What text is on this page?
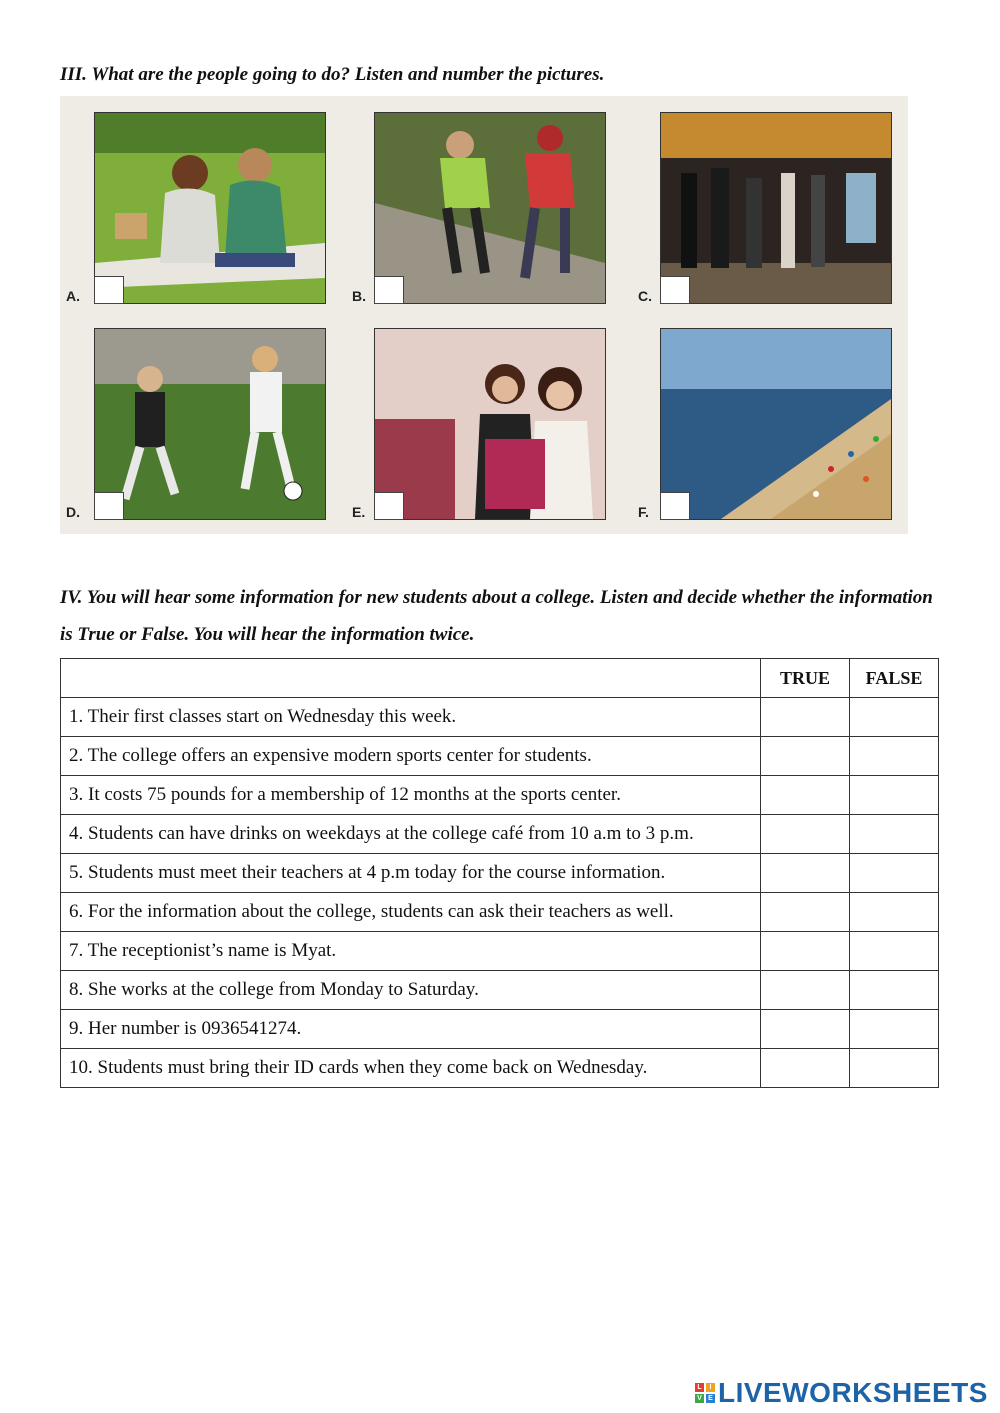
III. What are the people going to do? Listen and number the pictures.

A.	B.	C.
D.	E.	F.

IV. You will hear some information for new students about a college. Listen and decide whether the information is True or False. You will hear the information twice.

	TRUE	FALSE
1. Their first classes start on Wednesday this week.		
2. The college offers an expensive modern sports center for students.		
3. It costs 75 pounds for a membership of 12 months at the sports center.		
4. Students can have drinks on weekdays at the college café from 10 a.m to 3 p.m.		
5. Students must meet their teachers at 4 p.m today for the course information.		
6. For the information about the college, students can ask their teachers as well.		
7. The receptionist’s name is Myat.		
8. She works at the college from Monday to Saturday.		
9. Her number is 0936541274.		
10. Students must bring their ID cards when they come back on Wednesday.		
L	I
V E LIVEWORKSHEETS
